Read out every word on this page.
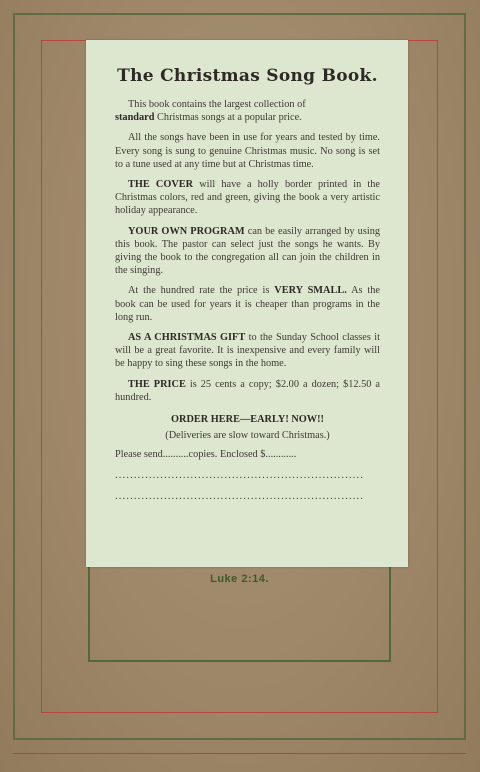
Luke 2:14.
The Christmas Song Book.

This book contains the largest collection of
standard Christmas songs at a popular price.

All the songs have been in use for years and tested by time. Every song is sung to genuine Christmas music. No song is set to a tune used at any time but at Christmas time.

THE COVER will have a holly border printed in the Christmas colors, red and green, giving the book a very artistic holiday appearance.

YOUR OWN PROGRAM can be easily arranged by using this book. The pastor can select just the songs he wants. By giving the book to the congregation all can join the children in the singing.

At the hundred rate the price is VERY SMALL. As the book can be used for years it is cheaper than programs in the long run.

AS A CHRISTMAS GIFT to the Sunday School classes it will be a great favorite. It is inexpensive and every family will be happy to sing these songs in the home.

THE PRICE is 25 cents a copy; $2.00 a dozen; $12.50 a hundred.

ORDER HERE—EARLY! NOW!!

(Deliveries are slow toward Christmas.)

Please send..........copies. Enclosed $............
..................................................................
..................................................................
